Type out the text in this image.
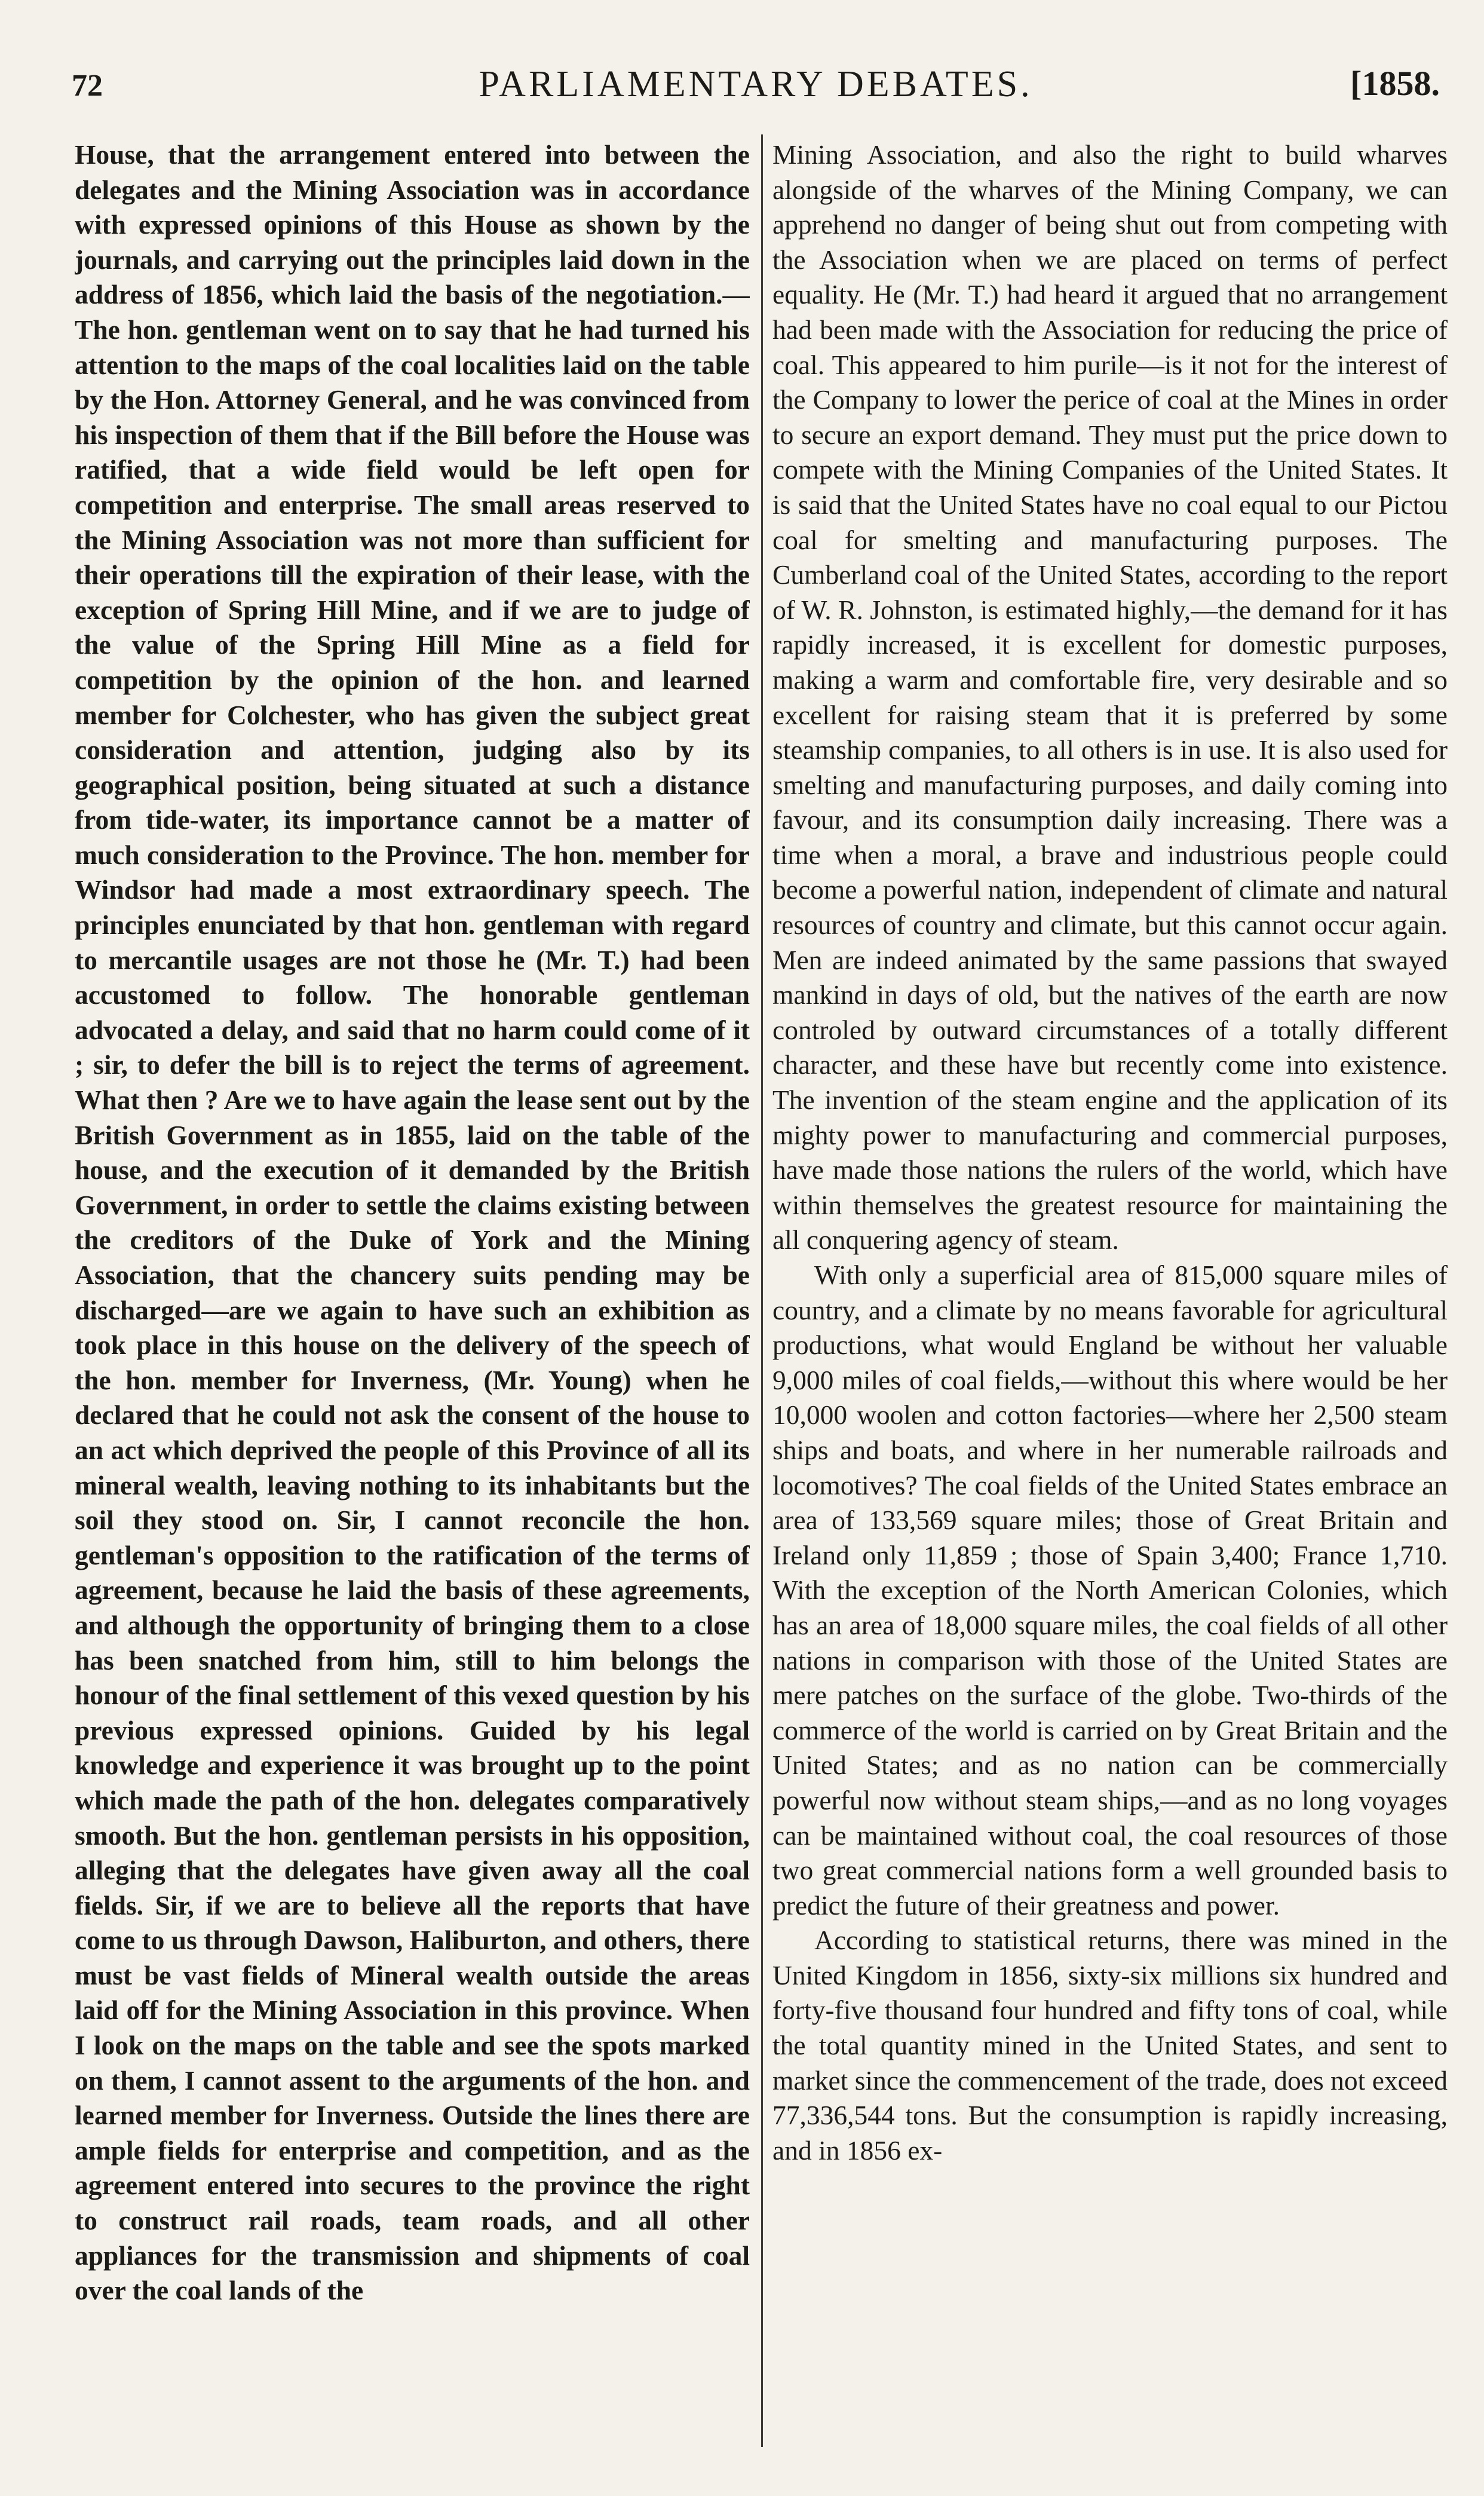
72	PARLIAMENTARY DEBATES.	[1858.

House, that the arrangement entered into between the delegates and the Mining Association was in accordance with expressed opinions of this House as shown by the journals, and carrying out the principles laid down in the address of 1856, which laid the basis of the negotiation.—The hon. gentleman went on to say that he had turned his attention to the maps of the coal localities laid on the table by the Hon. Attorney General, and he was convinced from his inspection of them that if the Bill before the House was ratified, that a wide field would be left open for competition and enterprise. The small areas reserved to the Mining Association was not more than sufficient for their operations till the expiration of their lease, with the exception of Spring Hill Mine, and if we are to judge of the value of the Spring Hill Mine as a field for competition by the opinion of the hon. and learned member for Colchester, who has given the subject great consideration and attention, judging also by its geographical position, being situated at such a distance from tide-water, its importance cannot be a matter of much consideration to the Province. The hon. member for Windsor had made a most extraordinary speech. The principles enunciated by that hon. gentleman with regard to mercantile usages are not those he (Mr. T.) had been accustomed to follow. The honorable gentleman advocated a delay, and said that no harm could come of it ; sir, to defer the bill is to reject the terms of agreement. What then ? Are we to have again the lease sent out by the British Government as in 1855, laid on the table of the house, and the execution of it demanded by the British Government, in order to settle the claims existing between the creditors of the Duke of York and the Mining Association, that the chancery suits pending may be discharged—are we again to have such an exhibition as took place in this house on the delivery of the speech of the hon. member for Inverness, (Mr. Young) when he declared that he could not ask the consent of the house to an act which deprived the people of this Province of all its mineral wealth, leaving nothing to its inhabitants but the soil they stood on. Sir, I cannot reconcile the hon. gentleman's opposition to the ratification of the terms of agreement, because he laid the basis of these agreements, and although the opportunity of bringing them to a close has been snatched from him, still to him belongs the honour of the final settlement of this vexed question by his previous expressed opinions. Guided by his legal knowledge and experience it was brought up to the point which made the path of the hon. delegates comparatively smooth. But the hon. gentleman persists in his opposition, alleging that the delegates have given away all the coal fields. Sir, if we are to believe all the reports that have come to us through Dawson, Haliburton, and others, there must be vast fields of Mineral wealth outside the areas laid off for the Mining Association in this province. When I look on the maps on the table and see the spots marked on them, I cannot assent to the arguments of the hon. and learned member for Inverness. Outside the lines there are ample fields for enterprise and competition, and as the agreement entered into secures to the province the right to construct rail roads, team roads, and all other appliances for the transmission and shipments of coal over the coal lands of the

Mining Association, and also the right to build wharves alongside of the wharves of the Mining Company, we can apprehend no danger of being shut out from competing with the Association when we are placed on terms of perfect equality. He (Mr. T.) had heard it argued that no arrangement had been made with the Association for reducing the price of coal. This appeared to him purile—is it not for the interest of the Company to lower the perice of coal at the Mines in order to secure an export demand. They must put the price down to compete with the Mining Companies of the United States. It is said that the United States have no coal equal to our Pictou coal for smelting and manufacturing purposes. The Cumberland coal of the United States, according to the report of W. R. Johnston, is estimated highly,—the demand for it has rapidly increased, it is excellent for domestic purposes, making a warm and comfortable fire, very desirable and so excellent for raising steam that it is preferred by some steamship companies, to all others is in use. It is also used for smelting and manufacturing purposes, and daily coming into favour, and its consumption daily increasing. There was a time when a moral, a brave and industrious people could become a powerful nation, independent of climate and natural resources of country and climate, but this cannot occur again. Men are indeed animated by the same passions that swayed mankind in days of old, but the natives of the earth are now controled by outward circumstances of a totally different character, and these have but recently come into existence. The invention of the steam engine and the application of its mighty power to manufacturing and commercial purposes, have made those nations the rulers of the world, which have within themselves the greatest resource for maintaining the all conquering agency of steam.

With only a superficial area of 815,000 square miles of country, and a climate by no means favorable for agricultural productions, what would England be without her valuable 9,000 miles of coal fields,—without this where would be her 10,000 woolen and cotton factories—where her 2,500 steam ships and boats, and where in her numerable railroads and locomotives? The coal fields of the United States embrace an area of 133,569 square miles; those of Great Britain and Ireland only 11,859 ; those of Spain 3,400; France 1,710. With the exception of the North American Colonies, which has an area of 18,000 square miles, the coal fields of all other nations in comparison with those of the United States are mere patches on the surface of the globe. Two-thirds of the commerce of the world is carried on by Great Britain and the United States; and as no nation can be commercially powerful now without steam ships,—and as no long voyages can be maintained without coal, the coal resources of those two great commercial nations form a well grounded basis to predict the future of their greatness and power.

According to statistical returns, there was mined in the United Kingdom in 1856, sixty-six millions six hundred and forty-five thousand four hundred and fifty tons of coal, while the total quantity mined in the United States, and sent to market since the commencement of the trade, does not exceed 77,336,544 tons. But the consumption is rapidly increasing, and in 1856 ex-
